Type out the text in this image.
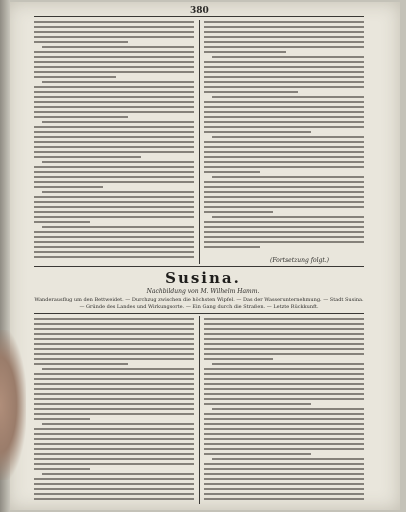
380
(Fortsetzung folgt.)
Susina.
Nachbildung von M. Wilhelm Hamm.
Wanderausflug um den Bettweidet. — Durchzug zwischen die höchsten Wipfel. — Das der Wasserunternehmung. — Stadt Susina. — Gründe des Landes und Wirkungsorte. — Ein Gang durch die Straßen. — Letzte Rückkunft.
